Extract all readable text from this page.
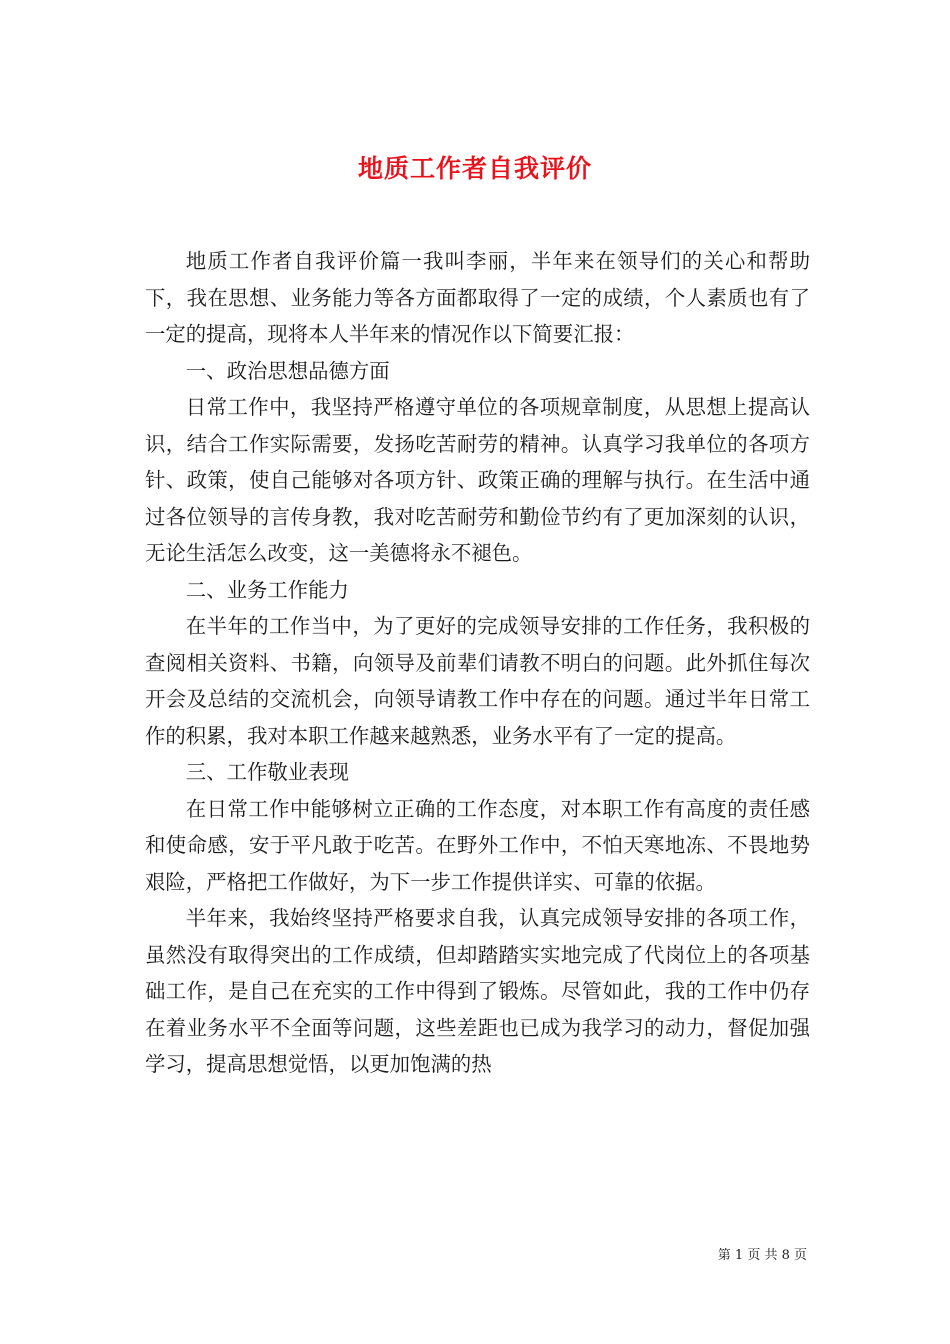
地质工作者自我评价

地质工作者自我评价篇一我叫李丽，半年来在领导们的关心和帮助下，我在思想、业务能力等各方面都取得了一定的成绩，个人素质也有了一定的提高，现将本人半年来的情况作以下简要汇报：

一、政治思想品德方面

日常工作中，我坚持严格遵守单位的各项规章制度，从思想上提高认识，结合工作实际需要，发扬吃苦耐劳的精神。认真学习我单位的各项方针、政策，使自己能够对各项方针、政策正确的理解与执行。在生活中通过各位领导的言传身教，我对吃苦耐劳和勤俭节约有了更加深刻的认识，无论生活怎么改变，这一美德将永不褪色。

二、业务工作能力

在半年的工作当中，为了更好的完成领导安排的工作任务，我积极的查阅相关资料、书籍，向领导及前辈们请教不明白的问题。此外抓住每次开会及总结的交流机会，向领导请教工作中存在的问题。通过半年日常工作的积累，我对本职工作越来越熟悉，业务水平有了一定的提高。

三、工作敬业表现

在日常工作中能够树立正确的工作态度，对本职工作有高度的责任感和使命感，安于平凡敢于吃苦。在野外工作中，不怕天寒地冻、不畏地势艰险，严格把工作做好，为下一步工作提供详实、可靠的依据。

半年来，我始终坚持严格要求自我，认真完成领导安排的各项工作，虽然没有取得突出的工作成绩，但却踏踏实实地完成了代岗位上的各项基础工作，是自己在充实的工作中得到了锻炼。尽管如此，我的工作中仍存在着业务水平不全面等问题，这些差距也已成为我学习的动力，督促加强学习，提高思想觉悟，以更加饱满的热

第 1 页 共 8 页
